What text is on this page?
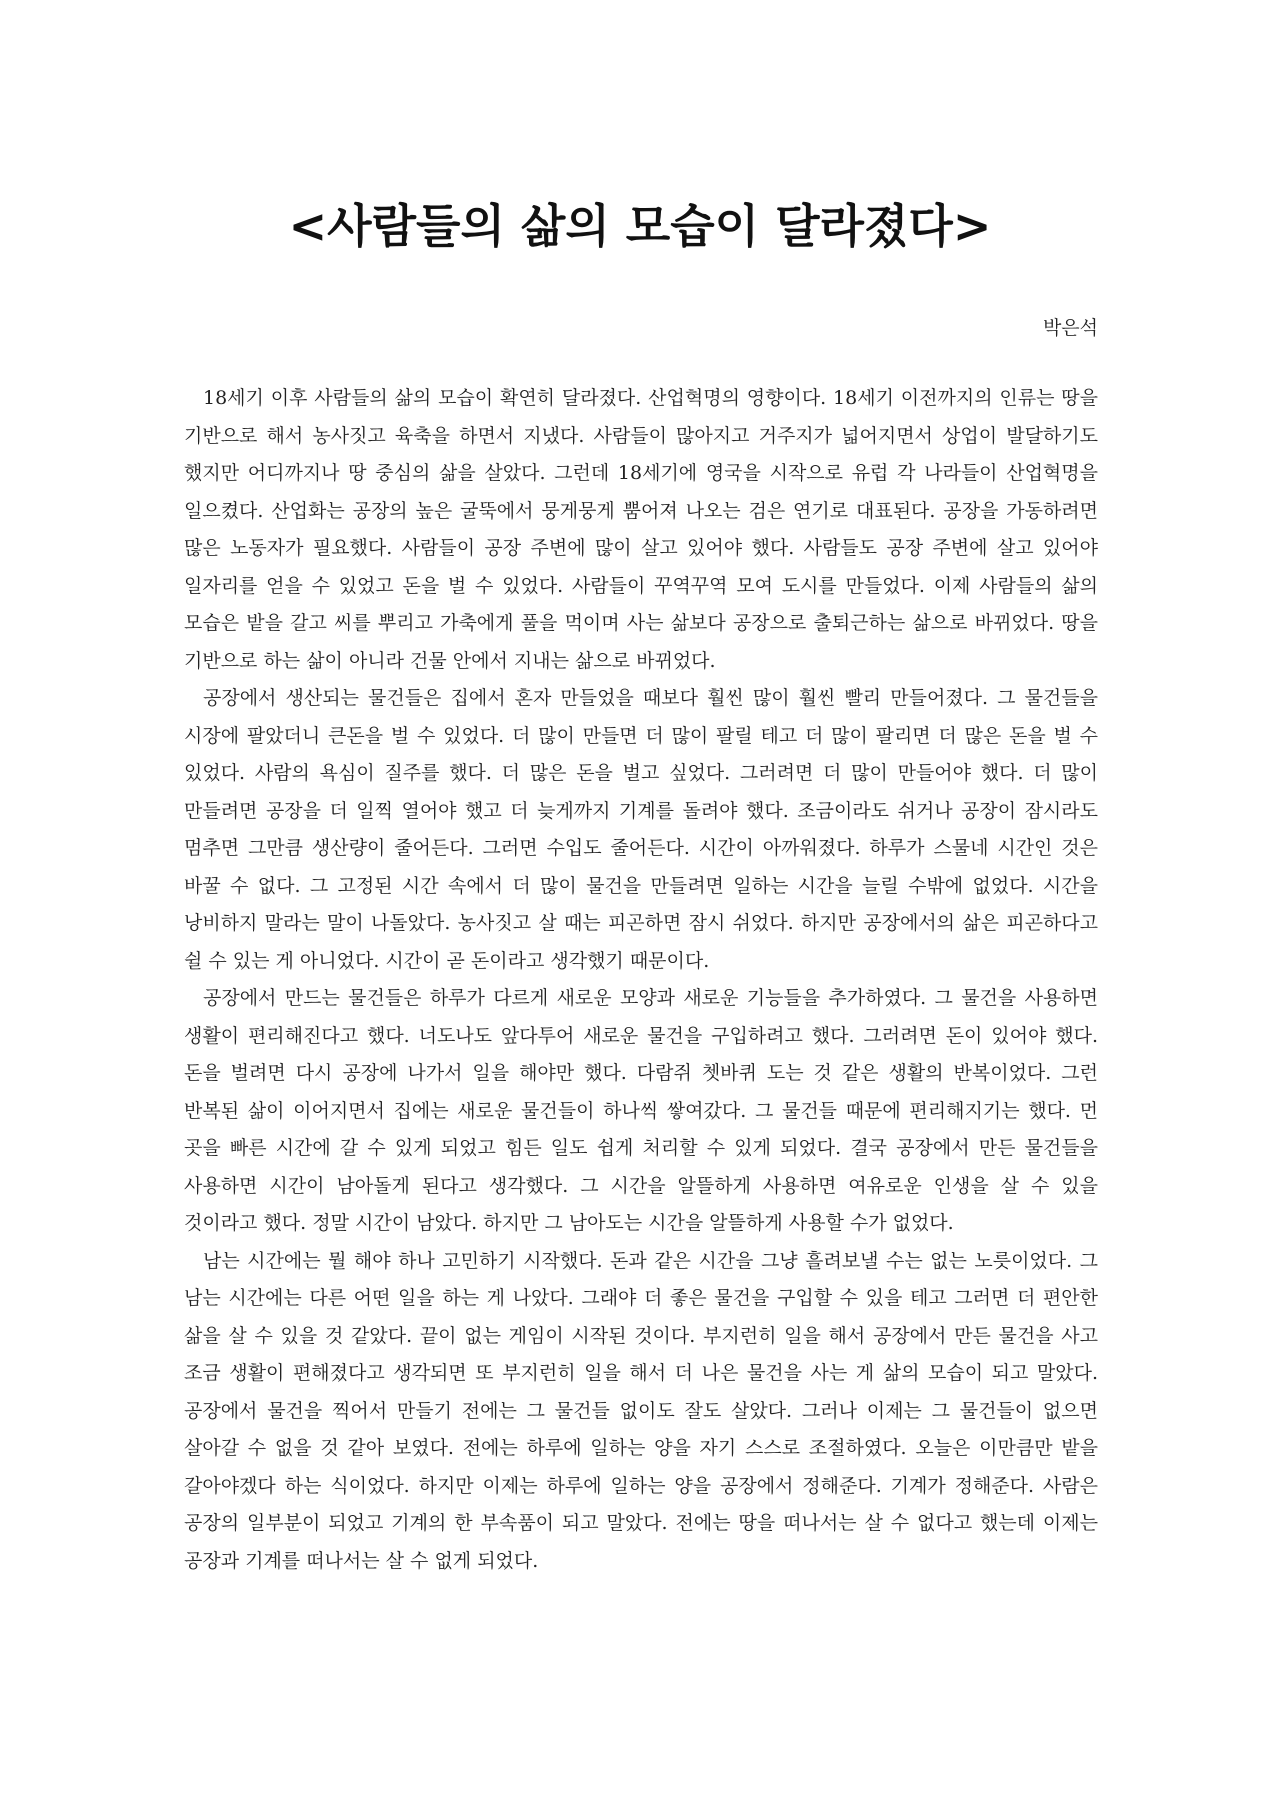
<사람들의 삶의 모습이 달라졌다>

박은석

18세기 이후 사람들의 삶의 모습이 확연히 달라졌다. 산업혁명의 영향이다. 18세기 이전까지의 인류는 땅을 기반으로 해서 농사짓고 육축을 하면서 지냈다. 사람들이 많아지고 거주지가 넓어지면서 상업이 발달하기도 했지만 어디까지나 땅 중심의 삶을 살았다. 그런데 18세기에 영국을 시작으로 유럽 각 나라들이 산업혁명을 일으켰다. 산업화는 공장의 높은 굴뚝에서 뭉게뭉게 뿜어져 나오는 검은 연기로 대표된다. 공장을 가동하려면 많은 노동자가 필요했다. 사람들이 공장 주변에 많이 살고 있어야 했다. 사람들도 공장 주변에 살고 있어야 일자리를 얻을 수 있었고 돈을 벌 수 있었다. 사람들이 꾸역꾸역 모여 도시를 만들었다. 이제 사람들의 삶의 모습은 밭을 갈고 씨를 뿌리고 가축에게 풀을 먹이며 사는 삶보다 공장으로 출퇴근하는 삶으로 바뀌었다. 땅을 기반으로 하는 삶이 아니라 건물 안에서 지내는 삶으로 바뀌었다.

공장에서 생산되는 물건들은 집에서 혼자 만들었을 때보다 훨씬 많이 훨씬 빨리 만들어졌다. 그 물건들을 시장에 팔았더니 큰돈을 벌 수 있었다. 더 많이 만들면 더 많이 팔릴 테고 더 많이 팔리면 더 많은 돈을 벌 수 있었다. 사람의 욕심이 질주를 했다. 더 많은 돈을 벌고 싶었다. 그러려면 더 많이 만들어야 했다. 더 많이 만들려면 공장을 더 일찍 열어야 했고 더 늦게까지 기계를 돌려야 했다. 조금이라도 쉬거나 공장이 잠시라도 멈추면 그만큼 생산량이 줄어든다. 그러면 수입도 줄어든다. 시간이 아까워졌다. 하루가 스물네 시간인 것은 바꿀 수 없다. 그 고정된 시간 속에서 더 많이 물건을 만들려면 일하는 시간을 늘릴 수밖에 없었다. 시간을 낭비하지 말라는 말이 나돌았다. 농사짓고 살 때는 피곤하면 잠시 쉬었다. 하지만 공장에서의 삶은 피곤하다고 쉴 수 있는 게 아니었다. 시간이 곧 돈이라고 생각했기 때문이다.

공장에서 만드는 물건들은 하루가 다르게 새로운 모양과 새로운 기능들을 추가하였다. 그 물건을 사용하면 생활이 편리해진다고 했다. 너도나도 앞다투어 새로운 물건을 구입하려고 했다. 그러려면 돈이 있어야 했다. 돈을 벌려면 다시 공장에 나가서 일을 해야만 했다. 다람쥐 쳇바퀴 도는 것 같은 생활의 반복이었다. 그런 반복된 삶이 이어지면서 집에는 새로운 물건들이 하나씩 쌓여갔다. 그 물건들 때문에 편리해지기는 했다. 먼 곳을 빠른 시간에 갈 수 있게 되었고 힘든 일도 쉽게 처리할 수 있게 되었다. 결국 공장에서 만든 물건들을 사용하면 시간이 남아돌게 된다고 생각했다. 그 시간을 알뜰하게 사용하면 여유로운 인생을 살 수 있을 것이라고 했다. 정말 시간이 남았다. 하지만 그 남아도는 시간을 알뜰하게 사용할 수가 없었다.

남는 시간에는 뭘 해야 하나 고민하기 시작했다. 돈과 같은 시간을 그냥 흘려보낼 수는 없는 노릇이었다. 그 남는 시간에는 다른 어떤 일을 하는 게 나았다. 그래야 더 좋은 물건을 구입할 수 있을 테고 그러면 더 편안한 삶을 살 수 있을 것 같았다. 끝이 없는 게임이 시작된 것이다. 부지런히 일을 해서 공장에서 만든 물건을 사고 조금 생활이 편해졌다고 생각되면 또 부지런히 일을 해서 더 나은 물건을 사는 게 삶의 모습이 되고 말았다. 공장에서 물건을 찍어서 만들기 전에는 그 물건들 없이도 잘도 살았다. 그러나 이제는 그 물건들이 없으면 살아갈 수 없을 것 같아 보였다. 전에는 하루에 일하는 양을 자기 스스로 조절하였다. 오늘은 이만큼만 밭을 갈아야겠다 하는 식이었다. 하지만 이제는 하루에 일하는 양을 공장에서 정해준다. 기계가 정해준다. 사람은 공장의 일부분이 되었고 기계의 한 부속품이 되고 말았다. 전에는 땅을 떠나서는 살 수 없다고 했는데 이제는 공장과 기계를 떠나서는 살 수 없게 되었다.
